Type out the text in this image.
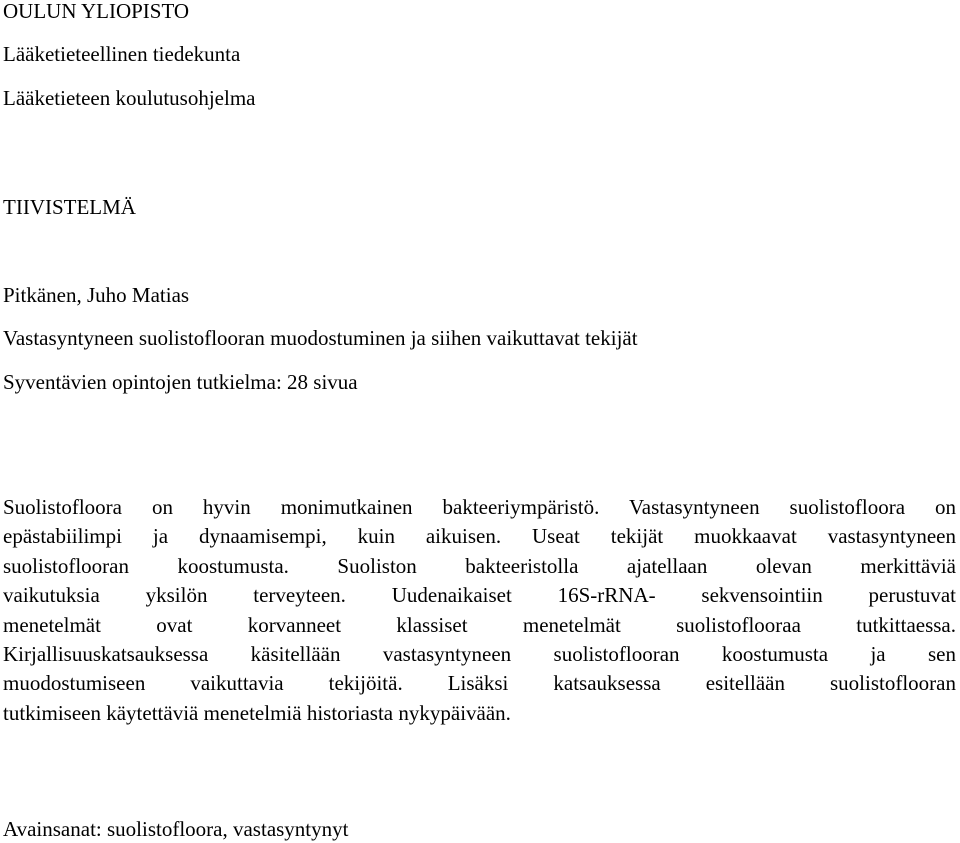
OULUN YLIOPISTO

Lääketieteellinen tiedekunta

Lääketieteen koulutusohjelma

TIIVISTELMÄ

Pitkänen, Juho Matias

Vastasyntyneen suolistoflooran muodostuminen ja siihen vaikuttavat tekijät

Syventävien opintojen tutkielma: 28 sivua

Suolistofloora on hyvin monimutkainen bakteeriympäristö. Vastasyntyneen suolistofloora on
epästabiilimpi ja dynaamisempi, kuin aikuisen. Useat tekijät muokkaavat vastasyntyneen
suolistoflooran koostumusta. Suoliston bakteeristolla ajatellaan olevan merkittäviä
vaikutuksia yksilön terveyteen. Uudenaikaiset 16S-rRNA- sekvensointiin perustuvat
menetelmät ovat korvanneet klassiset menetelmät suolistoflooraa tutkittaessa.
Kirjallisuuskatsauksessa käsitellään vastasyntyneen suolistoflooran koostumusta ja sen
muodostumiseen vaikuttavia tekijöitä. Lisäksi katsauksessa esitellään suolistoflooran
tutkimiseen käytettäviä menetelmiä historiasta nykypäivään.

Avainsanat: suolistofloora, vastasyntynyt
